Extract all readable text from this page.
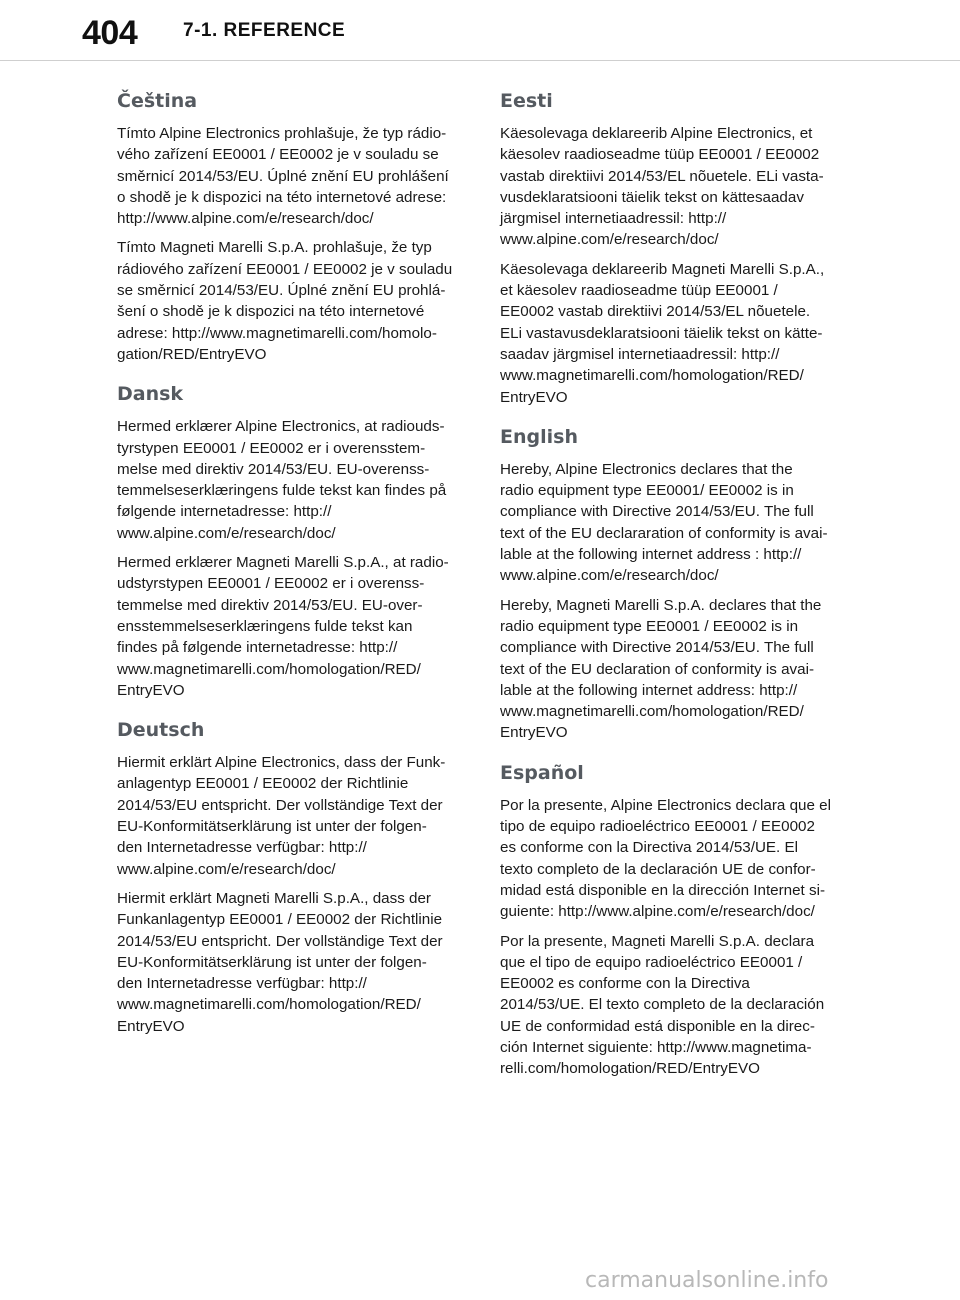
404 7-1. REFERENCE
Čeština

Tímto Alpine Electronics prohlašuje, že typ rádio-
vého zařízení EE0001 / EE0002 je v souladu se
směrnicí 2014/53/EU. Úplné znění EU prohlášení
o shodě je k dispozici na této internetové adrese:
http://www.alpine.com/e/research/doc/

Tímto Magneti Marelli S.p.A. prohlašuje, že typ
rádiového zařízení EE0001 / EE0002 je v souladu
se směrnicí 2014/53/EU. Úplné znění EU prohlá-
šení o shodě je k dispozici na této internetové
adrese: http://www.magnetimarelli.com/homolo-
gation/RED/EntryEVO

Dansk

Hermed erklærer Alpine Electronics, at radiouds-
tyrstypen EE0001 / EE0002 er i overensstem-
melse med direktiv 2014/53/EU. EU-overenss-
temmelseserklæringens fulde tekst kan findes på
følgende internetadresse: http://
www.alpine.com/e/research/doc/

Hermed erklærer Magneti Marelli S.p.A., at radio-
udstyrstypen EE0001 / EE0002 er i overenss-
temmelse med direktiv 2014/53/EU. EU-over-
ensstemmelseserklæringens fulde tekst kan
findes på følgende internetadresse: http://
www.magnetimarelli.com/homologation/RED/
EntryEVO

Deutsch

Hiermit erklärt Alpine Electronics, dass der Funk-
anlagentyp EE0001 / EE0002 der Richtlinie
2014/53/EU entspricht. Der vollständige Text der
EU-Konformitätserklärung ist unter der folgen-
den Internetadresse verfügbar: http://
www.alpine.com/e/research/doc/

Hiermit erklärt Magneti Marelli S.p.A., dass der
Funkanlagentyp EE0001 / EE0002 der Richtlinie
2014/53/EU entspricht. Der vollständige Text der
EU-Konformitätserklärung ist unter der folgen-
den Internetadresse verfügbar: http://
www.magnetimarelli.com/homologation/RED/
EntryEVO

Eesti

Käesolevaga deklareerib Alpine Electronics, et
käesolev raadioseadme tüüp EE0001 / EE0002
vastab direktiivi 2014/53/EL nõuetele. ELi vasta-
vusdeklaratsiooni täielik tekst on kättesaadav
järgmisel internetiaadressil: http://
www.alpine.com/e/research/doc/

Käesolevaga deklareerib Magneti Marelli S.p.A.,
et käesolev raadioseadme tüüp EE0001 /
EE0002 vastab direktiivi 2014/53/EL nõuetele.
ELi vastavusdeklaratsiooni täielik tekst on kätte-
saadav järgmisel internetiaadressil: http://
www.magnetimarelli.com/homologation/RED/
EntryEVO

English

Hereby, Alpine Electronics declares that the
radio equipment type EE0001/ EE0002 is in
compliance with Directive 2014/53/EU. The full
text of the EU declararation of conformity is avai-
lable at the following internet address : http://
www.alpine.com/e/research/doc/

Hereby, Magneti Marelli S.p.A. declares that the
radio equipment type EE0001 / EE0002 is in
compliance with Directive 2014/53/EU. The full
text of the EU declaration of conformity is avai-
lable at the following internet address: http://
www.magnetimarelli.com/homologation/RED/
EntryEVO

Español

Por la presente, Alpine Electronics declara que el
tipo de equipo radioeléctrico EE0001 / EE0002
es conforme con la Directiva 2014/53/UE. El
texto completo de la declaración UE de confor-
midad está disponible en la dirección Internet si-
guiente: http://www.alpine.com/e/research/doc/

Por la presente, Magneti Marelli S.p.A. declara
que el tipo de equipo radioeléctrico EE0001 /
EE0002 es conforme con la Directiva
2014/53/UE. El texto completo de la declaración
UE de conformidad está disponible en la direc-
ción Internet siguiente: http://www.magnetima-
relli.com/homologation/RED/EntryEVO

carmanualsonline.info
